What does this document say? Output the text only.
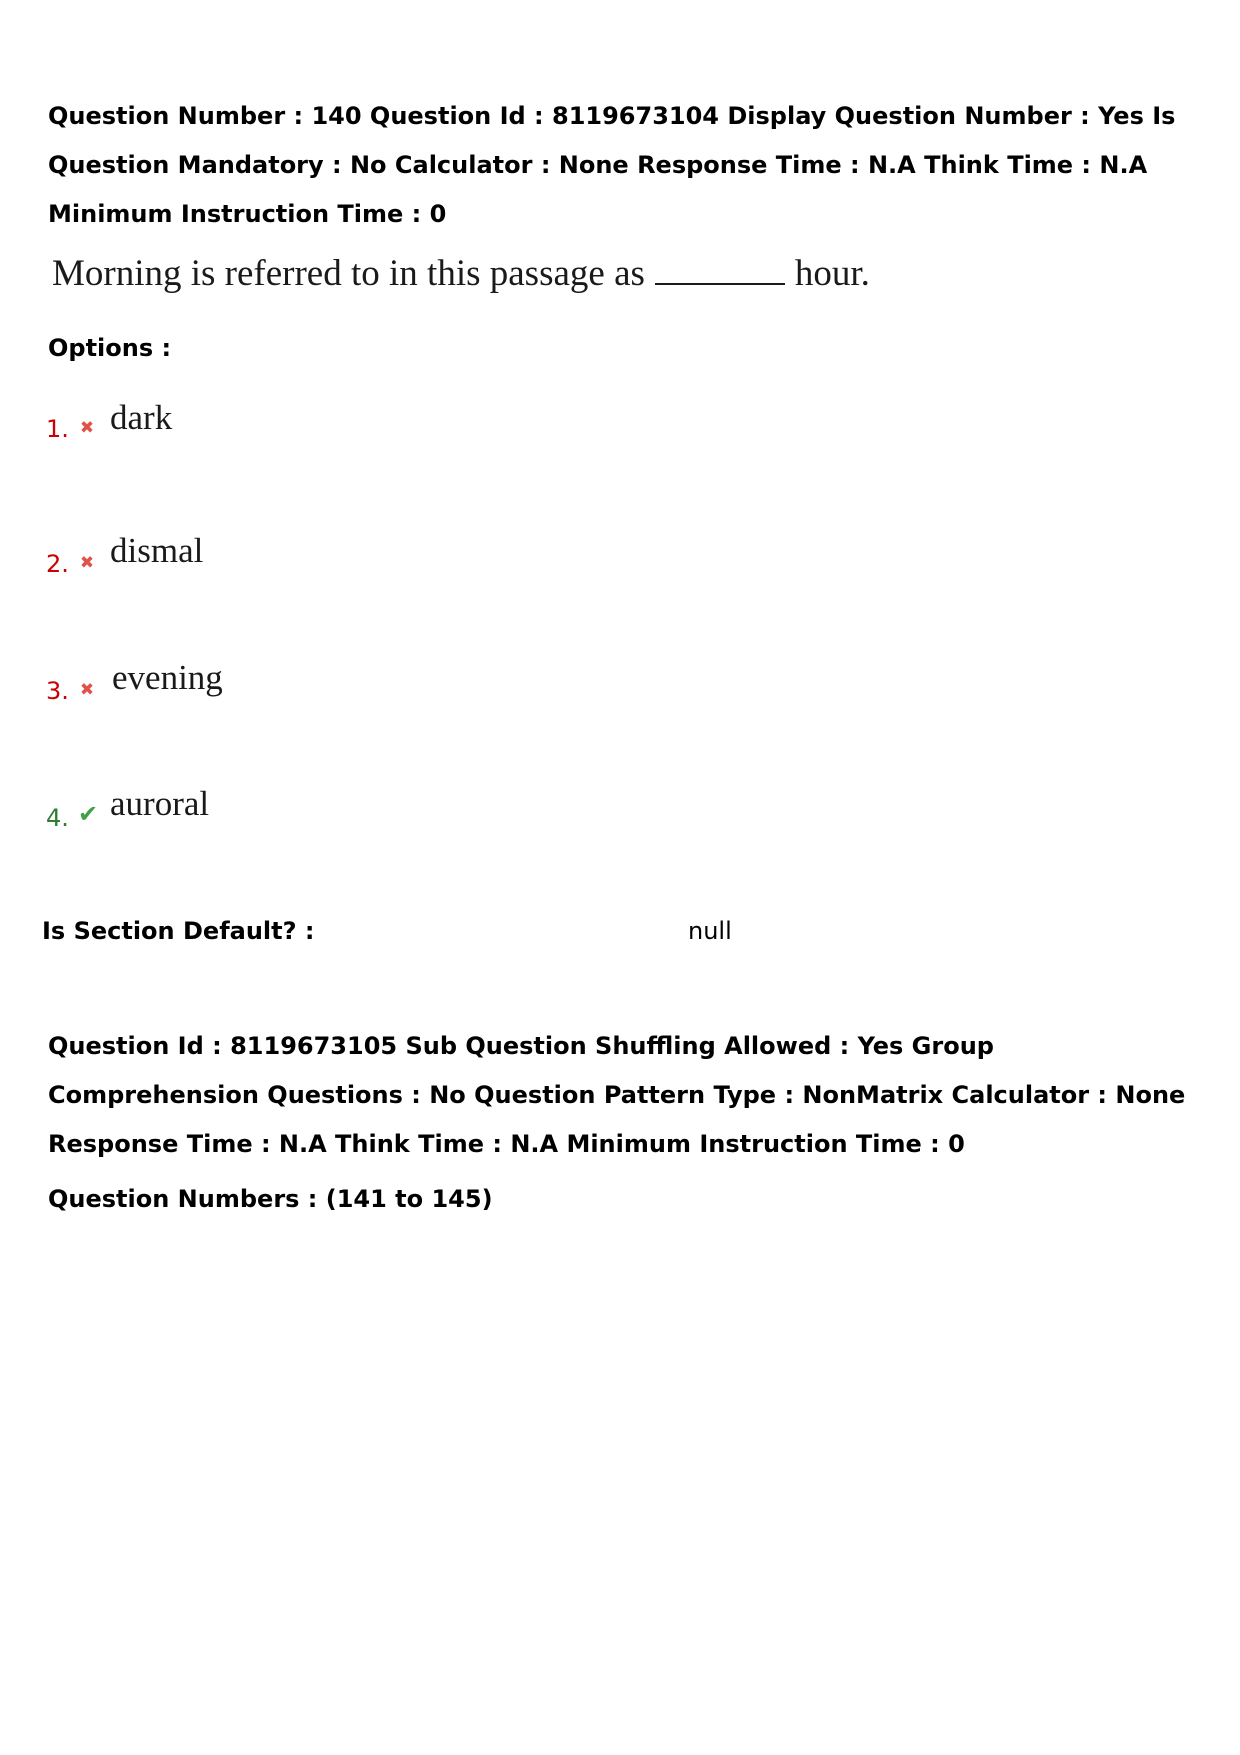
Question Number : 140 Question Id : 8119673104 Display Question Number : Yes Is Question Mandatory : No Calculator : None Response Time : N.A Think Time : N.A Minimum Instruction Time : 0
Morning is referred to in this passage as	hour.
Options :
1. ✖ dark
2. ✖ dismal
3. ✖ evening
4. ✔ auroral
Is Section Default? :	null
Question Id : 8119673105 Sub Question Shuffling Allowed : Yes Group Comprehension Questions : No Question Pattern Type : NonMatrix Calculator : None Response Time : N.A Think Time : N.A Minimum Instruction Time : 0
Question Numbers : (141 to 145)
